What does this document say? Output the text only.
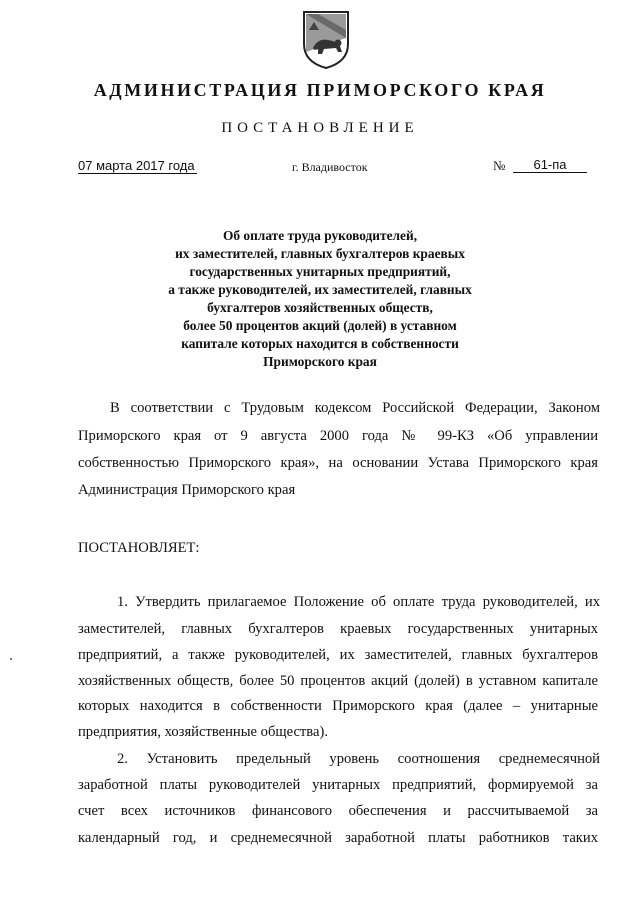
АДМИНИСТРАЦИЯ ПРИМОРСКОГО КРАЯ
ПОСТАНОВЛЕНИЕ
07 марта 2017 года	г. Владивосток	№	61-па
Об оплате труда руководителей,
их заместителей, главных бухгалтеров краевых
государственных унитарных предприятий,
а также руководителей, их заместителей, главных
бухгалтеров хозяйственных обществ,
более 50 процентов акций (долей) в уставном
капитале которых находится в собственности
Приморского края
В соответствии с Трудовым кодексом Российской Федерации, Законом
Приморского края от 9 августа 2000 года № 99-КЗ «Об управлении
собственностью Приморского края», на основании Устава Приморского края
Администрация Приморского края
ПОСТАНОВЛЯЕТ:
1. Утвердить прилагаемое Положение об оплате труда руководителей, их
заместителей, главных бухгалтеров краевых государственных унитарных
предприятий, а также руководителей, их заместителей, главных бухгалтеров
хозяйственных обществ, более 50 процентов акций (долей) в уставном капитале
которых находится в собственности Приморского края (далее – унитарные
предприятия, хозяйственные общества).
2. Установить предельный уровень соотношения среднемесячной
заработной платы руководителей унитарных предприятий, формируемой за
счет всех источников финансового обеспечения и рассчитываемой за
календарный год, и среднемесячной заработной платы работников таких
